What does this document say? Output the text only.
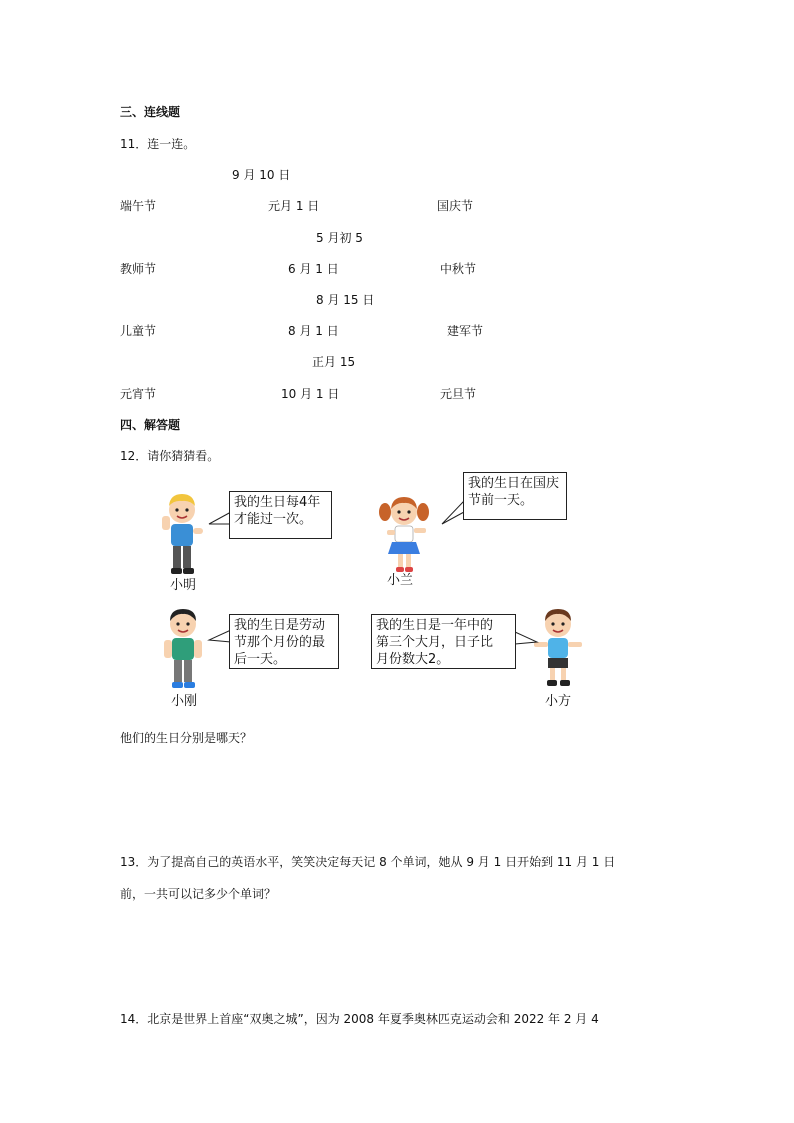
三、连线题
11．连一连。
9 月 10 日
端午节	元月 1 日	国庆节
5 月初 5
教师节	6 月 1 日	中秋节
8 月 15 日
儿童节	8 月 1 日	建军节
正月 15
元宵节	10 月 1 日	元旦节
四、解答题
12．请你猜猜看。
小明
我的生日每4年
才能过一次。
小兰
我的生日在国庆
节前一天。
小刚
我的生日是劳动
节那个月份的最
后一天。
小方
我的生日是一年中的
第三个大月，日子比
月份数大2。
他们的生日分别是哪天？
13．为了提高自己的英语水平，笑笑决定每天记 8 个单词，她从 9 月 1 日开始到 11 月 1 日
前，一共可以记多少个单词？
14．北京是世界上首座“双奥之城”，因为 2008 年夏季奥林匹克运动会和 2022 年 2 月 4
